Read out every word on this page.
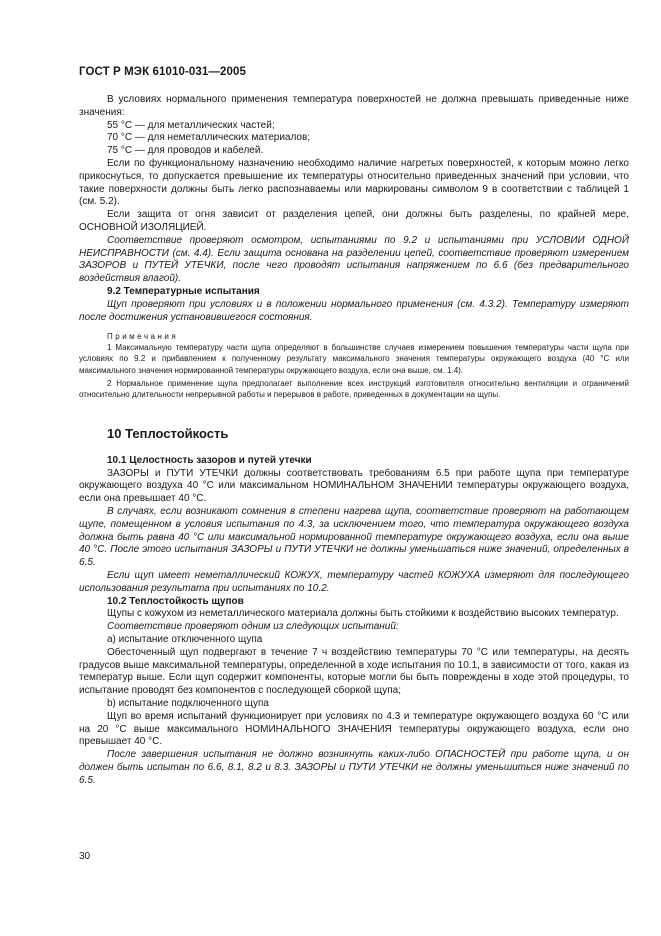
ГОСТ Р МЭК 61010-031—2005

В условиях нормального применения температура поверхностей не должна превышать приведенные ниже значения:

55 °С — для металлических частей;

70 °С — для неметаллических материалов;

75 °С — для проводов и кабелей.

Если по функциональному назначению необходимо наличие нагретых поверхностей, к которым можно легко прикоснуться, то допускается превышение их температуры относительно приведенных значений при условии, что такие поверхности должны быть легко распознаваемы или маркированы символом 9 в соответствии с таблицей 1 (см. 5.2).

Если защита от огня зависит от разделения цепей, они должны быть разделены, по крайней мере, ОСНОВНОЙ ИЗОЛЯЦИЕЙ.

Соответствие проверяют осмотром, испытаниями по 9.2 и испытаниями при УСЛОВИИ ОДНОЙ НЕИСПРАВНОСТИ (см. 4.4). Если защита основана на разделении цепей, соответствие проверяют измерением ЗАЗОРОВ и ПУТЕЙ УТЕЧКИ, после чего проводят испытания напряжением по 6.6 (без предварительного воздействия влагой).

9.2 Температурные испытания

Щуп проверяют при условиях и в положении нормального применения (см. 4.3.2). Температуру измеряют после достижения установившегося состояния.

Примечания

1 Максимальную температуру части щупа определяют в большинстве случаев измерением повышения температуры части щупа при условиях по 9.2 и прибавлением к полученному результату максимального значения температуры окружающего воздуха (40 °С или максимального значения нормированной температуры окружающего воздуха, если она выше, см. 1.4).

2 Нормальное применение щупа предполагает выполнение всех инструкций изготовителя относительно вентиляции и ограничений относительно длительности непрерывной работы и перерывов в работе, приведенных в документации на щупы.

10 Теплостойкость

10.1 Целостность зазоров и путей утечки

ЗАЗОРЫ и ПУТИ УТЕЧКИ должны соответствовать требованиям 6.5 при работе щупа при температуре окружающего воздуха 40 °С или максимальном НОМИНАЛЬНОМ ЗНАЧЕНИИ температуры окружающего воздуха, если она превышает 40 °С.

В случаях, если возникают сомнения в степени нагрева щупа, соответствие проверяют на работающем щупе, помещенном в условия испытания по 4.3, за исключением того, что температура окружающего воздуха должна быть равна 40 °С или максимальной нормированной температуре окружающего воздуха, если она выше 40 °С. После этого испытания ЗАЗОРЫ и ПУТИ УТЕЧКИ не должны уменьшаться ниже значений, определенных в 6.5.

Если щуп имеет неметаллический КОЖУХ, температуру частей КОЖУХА измеряют для последующего использования результата при испытаниях по 10.2.

10.2 Теплостойкость щупов

Щупы с кожухом из неметаллического материала должны быть стойкими к воздействию высоких температур.

Соответствие проверяют одним из следующих испытаний:

а) испытание отключенного щупа

Обесточенный щуп подвергают в течение 7 ч воздействию температуры 70 °С или температуры, на десять градусов выше максимальной температуры, определенной в ходе испытания по 10.1, в зависимости от того, какая из температур выше. Если щуп содержит компоненты, которые могли бы быть повреждены в ходе этой процедуры, то испытание проводят без компонентов с последующей сборкой щупа;

b) испытание подключенного щупа

Щуп во время испытаний функционирует при условиях по 4.3 и температуре окружающего воздуха 60 °С или на 20 °С выше максимального НОМИНАЛЬНОГО ЗНАЧЕНИЯ температуры окружающего воздуха, если оно превышает 40 °С.

После завершения испытания не должно возникнуть каких-либо ОПАСНОСТЕЙ при работе щупа, и он должен быть испытан по 6.6, 8.1, 8.2 и 8.3. ЗАЗОРЫ и ПУТИ УТЕЧКИ не должны уменьшиться ниже значений по 6.5.

30
